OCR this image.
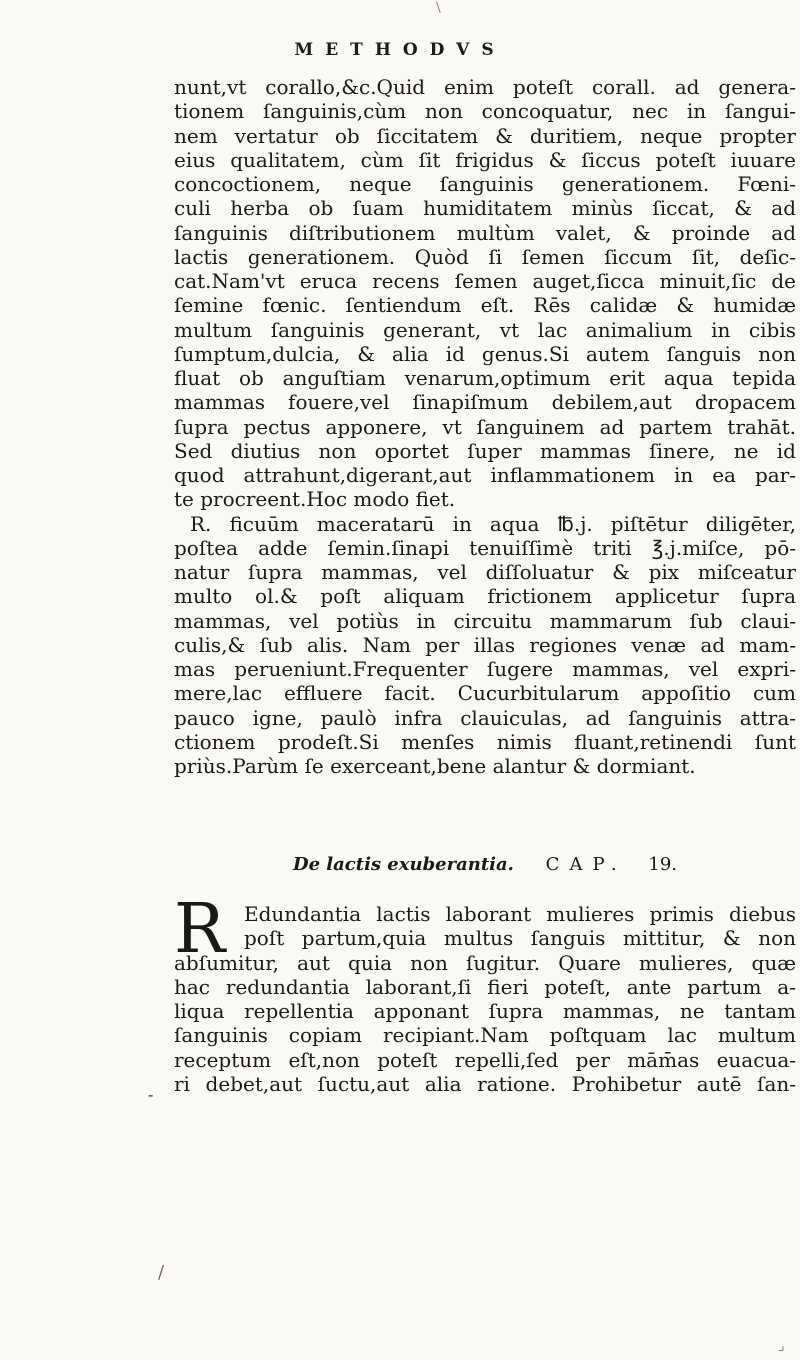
\
METHODVS
nunt,vt corallo,&c.Quid enim poteſt corall. ad genera-
tionem ſanguinis,cùm non concoquatur, nec in ſangui-
nem vertatur ob ſiccitatem & duritiem, neque propter
eius qualitatem, cùm ſit frigidus & ſiccus poteſt iuuare
concoctionem, neque ſanguinis generationem. Fœni-
culi herba ob ſuam humiditatem minùs ſiccat, & ad
ſanguinis diſtributionem multùm valet, & proinde ad
lactis generationem. Quòd ſi ſemen ſiccum ſit, deſic-
cat.Nam'vt eruca recens ſemen auget,ſicca minuit,ſic de
ſemine fœnic. ſentiendum eſt. Rēs calidæ & humidæ
multum ſanguinis generant, vt lac animalium in cibis
ſumptum,dulcia, & alia id genus.Si autem ſanguis non
fluat ob anguſtiam venarum,optimum erit aqua tepida
mammas fouere,vel ſinapiſmum debilem,aut dropacem
ſupra pectus apponere, vt ſanguinem ad partem trahāt.
Sed diutius non oportet ſuper mammas ſinere, ne id
quod attrahunt,digerant,aut inflammationem in ea par-
te procreent.Hoc modo fiet.
R. ficuūm maceratarū in aqua ℔.j. piſtētur diligēter,
poſtea adde ſemin.ſinapi tenuiſſimè triti ℥.j.miſce, pō-
natur ſupra mammas, vel diſſoluatur & pix miſceatur
multo ol.& poſt aliquam frictionem applicetur ſupra
mammas, vel potiùs in circuitu mammarum ſub claui-
culis,& ſub alis. Nam per illas regiones venæ ad mam-
mas perueniunt.Frequenter ſugere mammas, vel expri-
mere,lac effluere facit. Cucurbitularum appoſitio cum
pauco igne, paulò infra clauiculas, ad ſanguinis attra-
ctionem prodeſt.Si menſes nimis fluant,retinendi ſunt
priùs.Parùm ſe exerceant,bene alantur & dormiant.
De lactis exuberantia. CAP. 19.
R Edundantia lactis laborant mulieres primis diebus
poſt partum,quia multus ſanguis mittitur, & non
abſumitur, aut quia non ſugitur. Quare mulieres, quæ
hac redundantia laborant,ſi fieri poteſt, ante partum a-
liqua repellentia apponant ſupra mammas, ne tantam
ſanguinis copiam recipiant.Nam poſtquam lac multum
receptum eſt,non poteſt repelli,ſed per mām̄as euacua-
ri debet,aut ſuctu,aut alia ratione. Prohibetur autē ſan-
-
/
⌟
